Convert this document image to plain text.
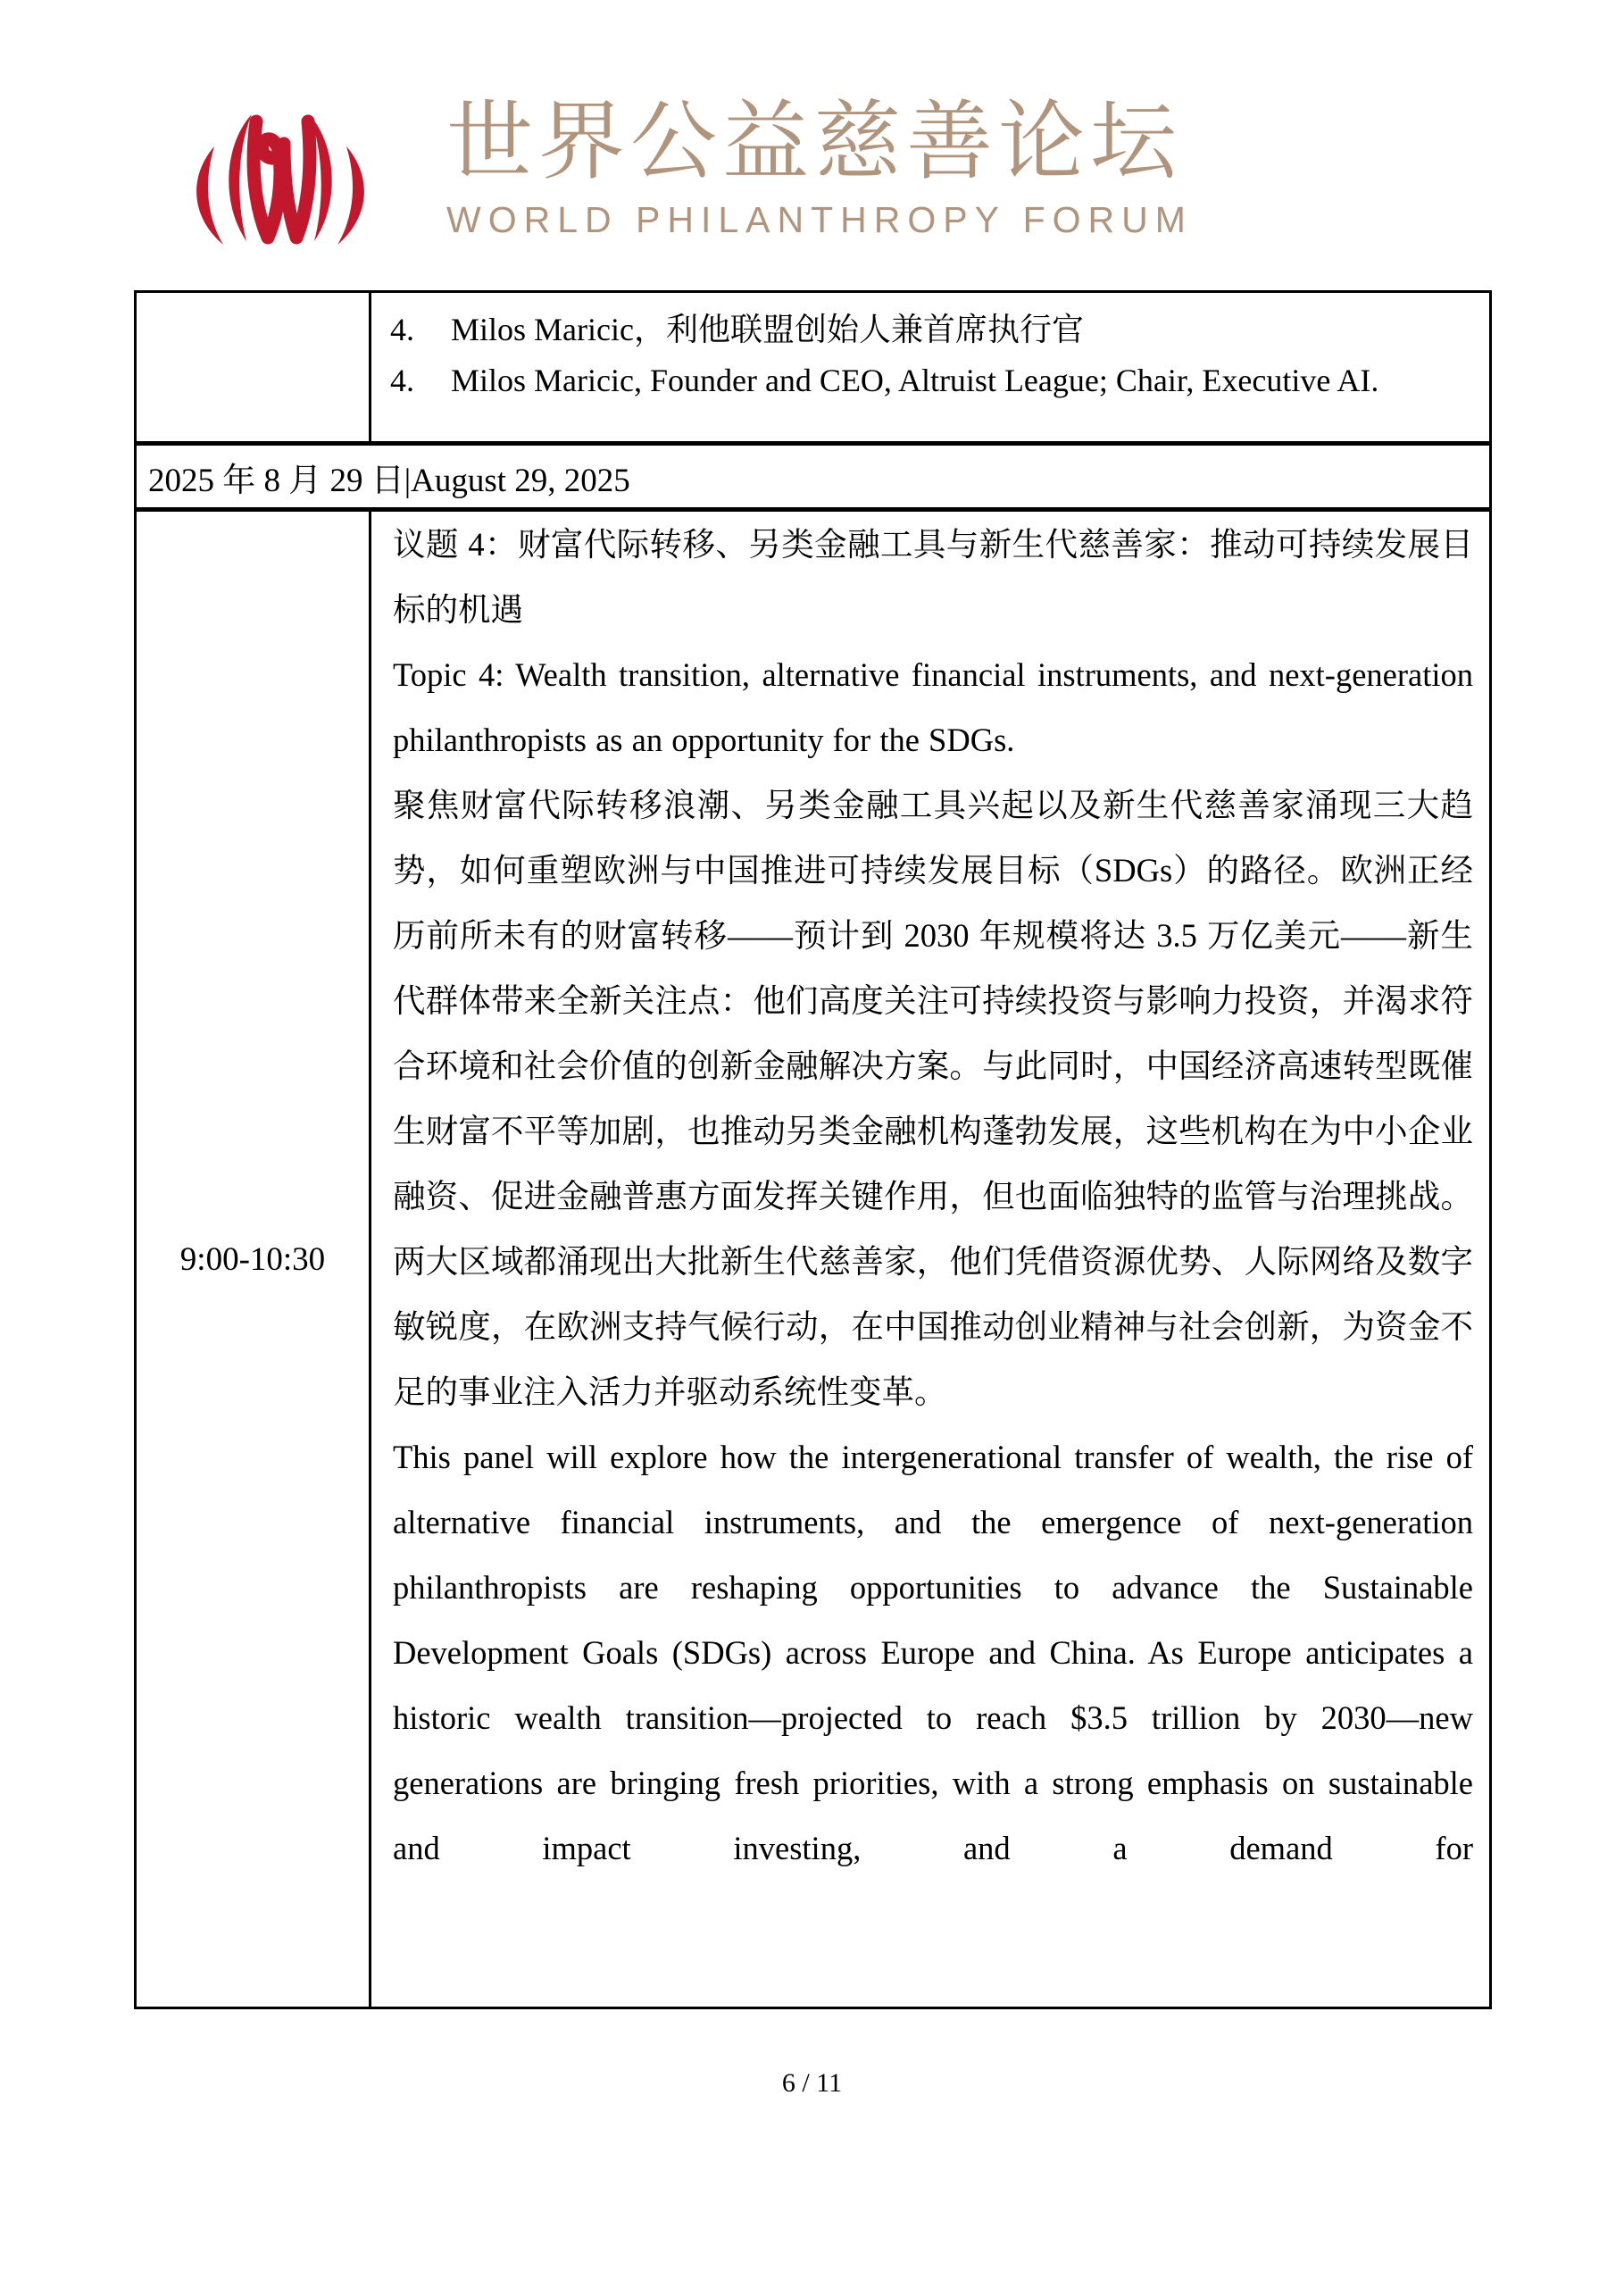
世界公益慈善论坛
WORLD PHILANTHROPY FORUM

	4. Milos Maricic，利他联盟创始人兼首席执行官
4. Milos Maricic, Founder and CEO, Altruist League; Chair, Executive AI.

2025 年 8 月 29 日|August 29, 2025	
9:00-10:30	议题 4：财富代际转移、另类金融工具与新生代慈善家：推动可持续发展目标的机遇

Topic 4: Wealth transition, alternative financial instruments, and next-generation philanthropists as an opportunity for the SDGs.

聚焦财富代际转移浪潮、另类金融工具兴起以及新生代慈善家涌现三大趋势，如何重塑欧洲与中国推进可持续发展目标（SDGs）的路径。欧洲正经历前所未有的财富转移——预计到 2030 年规模将达 3.5 万亿美元——新生代群体带来全新关注点：他们高度关注可持续投资与影响力投资，并渴求符合环境和社会价值的创新金融解决方案。与此同时，中国经济高速转型既催生财富不平等加剧，也推动另类金融机构蓬勃发展，这些机构在为中小企业融资、促进金融普惠方面发挥关键作用，但也面临独特的监管与治理挑战。两大区域都涌现出大批新生代慈善家，他们凭借资源优势、人际网络及数字敏锐度，在欧洲支持气候行动，在中国推动创业精神与社会创新，为资金不足的事业注入活力并驱动系统性变革。

This panel will explore how the intergenerational transfer of wealth, the rise of alternative financial instruments, and the emergence of next-generation philanthropists are reshaping opportunities to advance the Sustainable Development Goals (SDGs) across Europe and China. As Europe anticipates a historic wealth transition—projected to reach $3.5 trillion by 2030—new generations are bringing fresh priorities, with a strong emphasis on sustainable and impact investing, and a demand for

6 / 11
